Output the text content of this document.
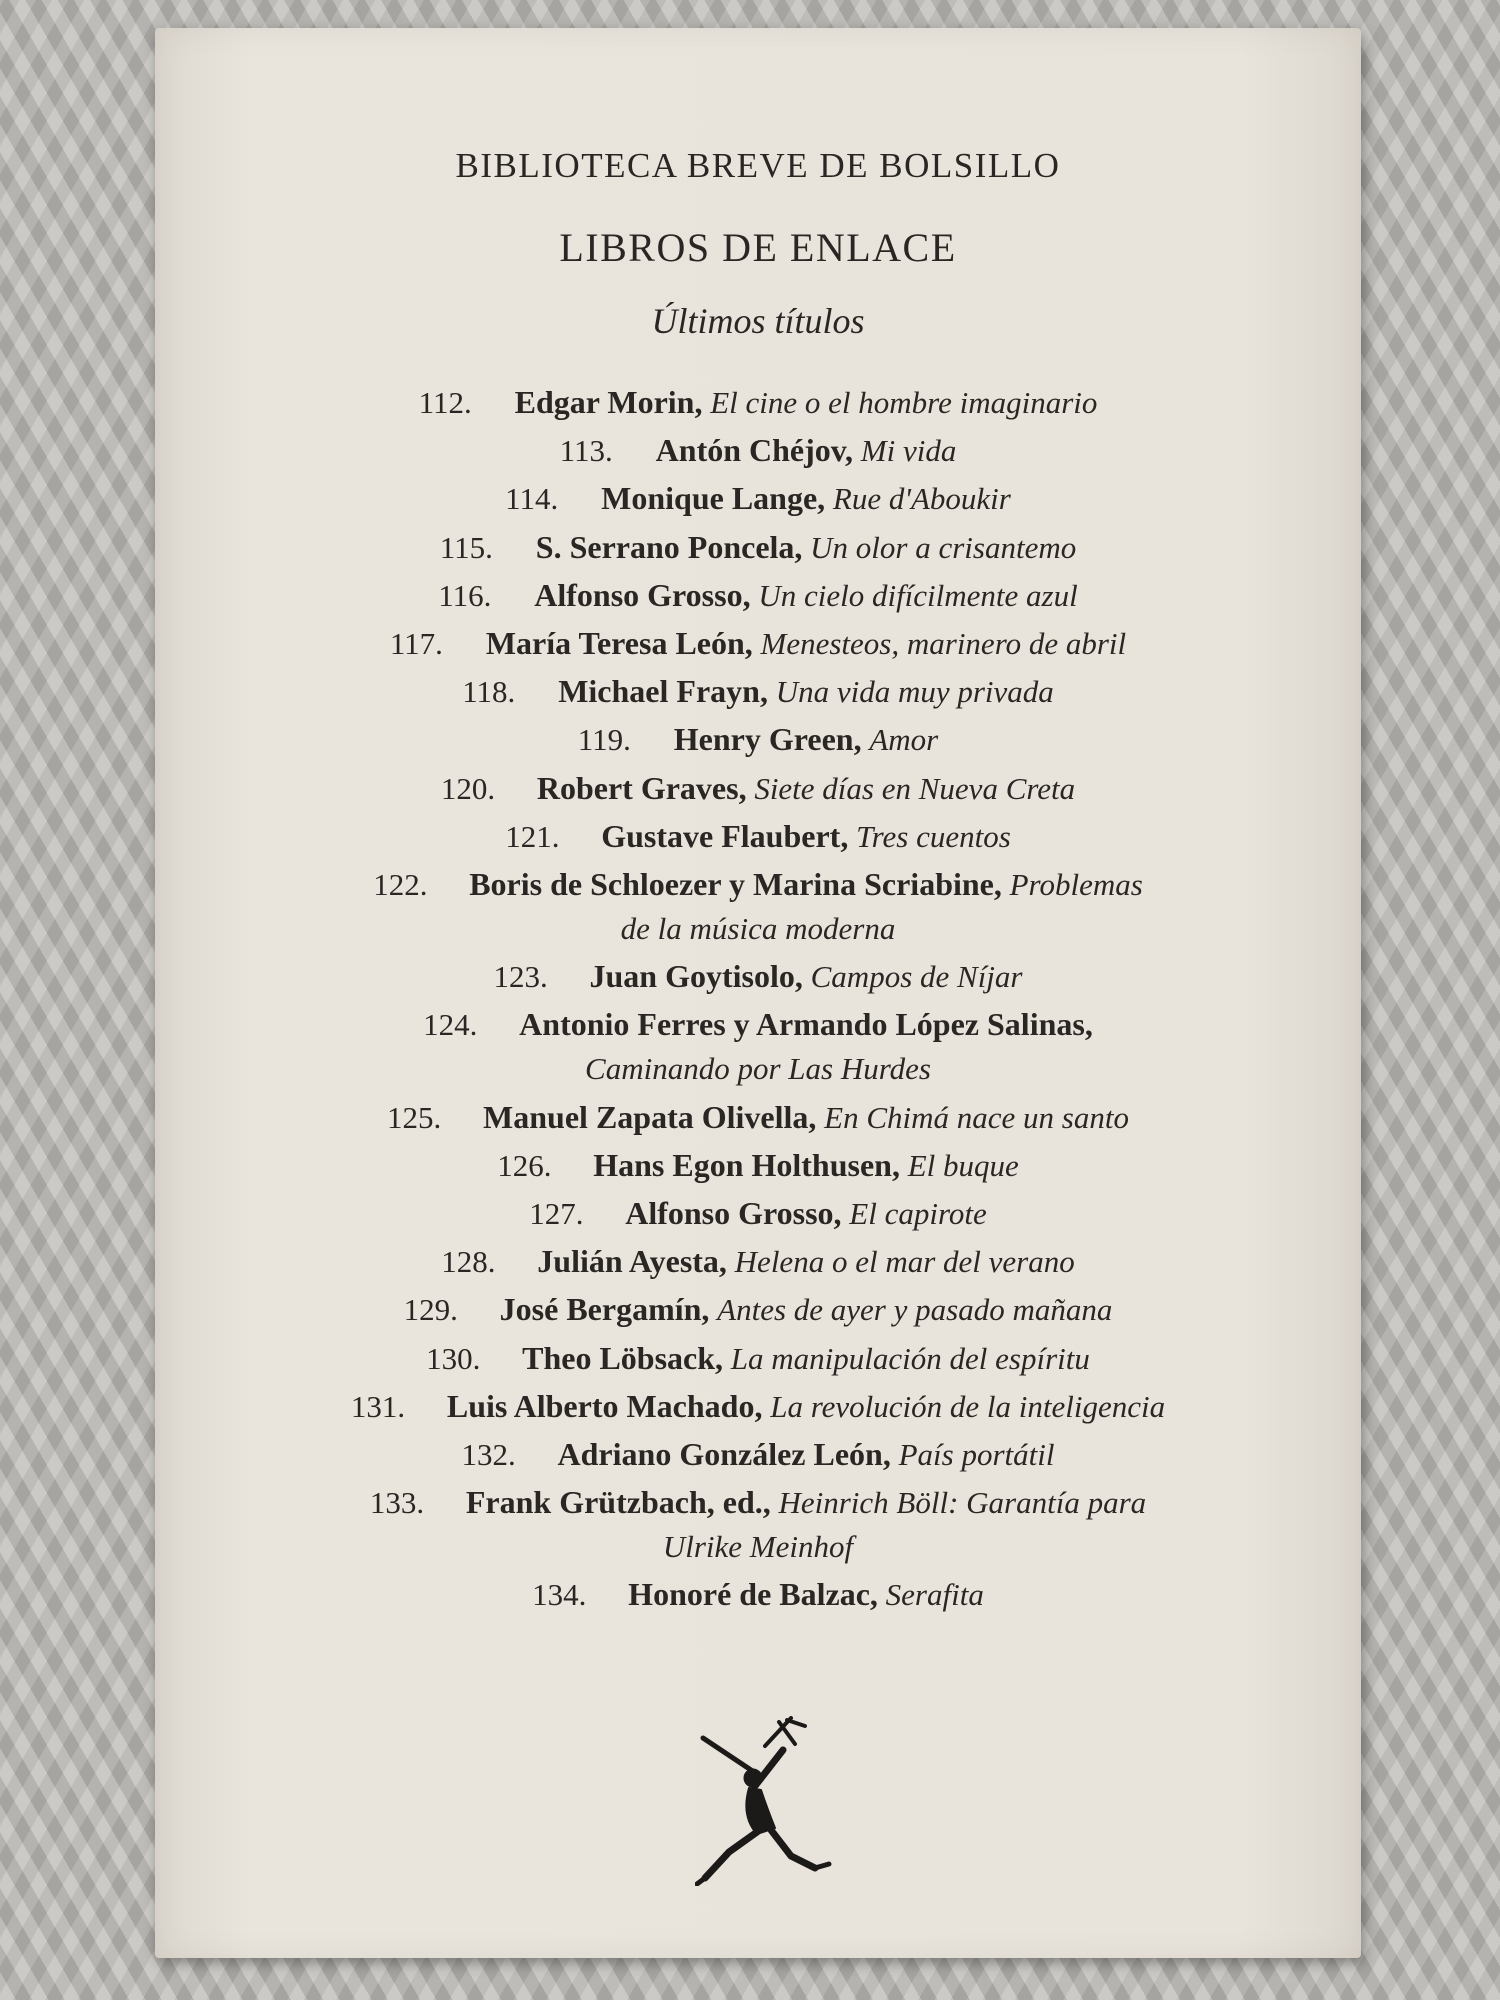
BIBLIOTECA BREVE DE BOLSILLO
LIBROS DE ENLACE
Últimos títulos
112. Edgar Morin, El cine o el hombre imaginario
113. Antón Chéjov, Mi vida
114. Monique Lange, Rue d'Aboukir
115. S. Serrano Poncela, Un olor a crisantemo
116. Alfonso Grosso, Un cielo difícilmente azul
117. María Teresa León, Menesteos, marinero de abril
118. Michael Frayn, Una vida muy privada
119. Henry Green, Amor
120. Robert Graves, Siete días en Nueva Creta
121. Gustave Flaubert, Tres cuentos
122. Boris de Schloezer y Marina Scriabine, Problemas
de la música moderna
123. Juan Goytisolo, Campos de Níjar
124. Antonio Ferres y Armando López Salinas,
Caminando por Las Hurdes
125. Manuel Zapata Olivella, En Chimá nace un santo
126. Hans Egon Holthusen, El buque
127. Alfonso Grosso, El capirote
128. Julián Ayesta, Helena o el mar del verano
129. José Bergamín, Antes de ayer y pasado mañana
130. Theo Löbsack, La manipulación del espíritu
131. Luis Alberto Machado, La revolución de la inteligencia
132. Adriano González León, País portátil
133. Frank Grützbach, ed., Heinrich Böll: Garantía para
Ulrike Meinhof
134. Honoré de Balzac, Serafita
